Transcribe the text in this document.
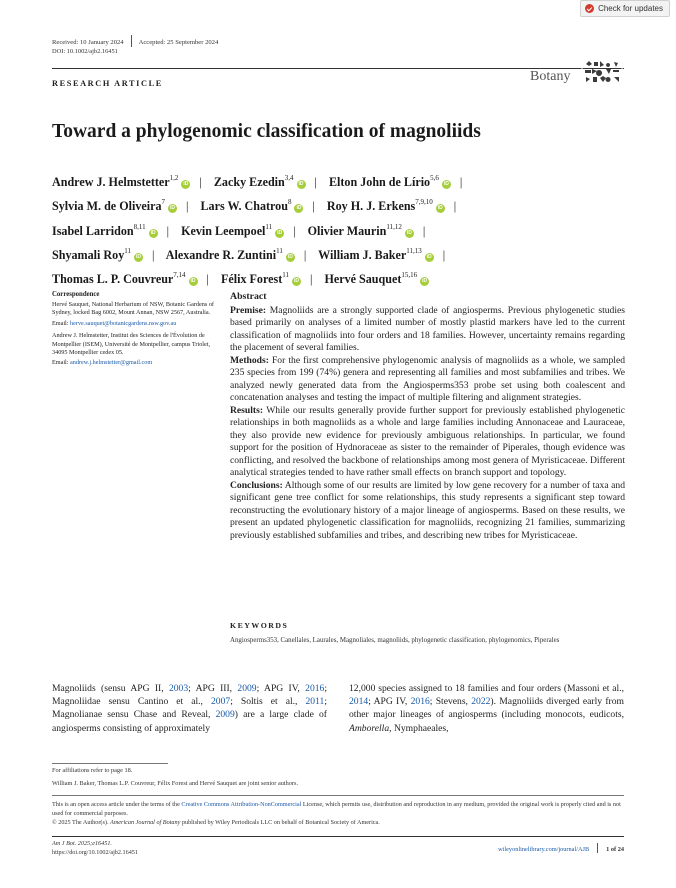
Check for updates
Received: 10 January 2024 Accepted: 25 September 2024
DOI: 10.1002/ajb2.16451
RESEARCH ARTICLE	Botany
Toward a phylogenomic classification of magnoliids
Andrew J. Helmstetter$^{1,2}$iD | Zacky Ezedin$^{3,4}$iD | Elton John de Lírio$^{5,6}$iD |
Sylvia M. de Oliveira$^7$iD | Lars W. Chatrou$^8$iD | Roy H. J. Erkens$^{7,9,10}$iD |
Isabel Larridon$^{8,11}$iD | Kevin Leempoel$^{11}$iD | Olivier Maurin$^{11,12}$iD |
Shyamali Roy$^{11}$iD | Alexandre R. Zuntini$^{11}$iD | William J. Baker$^{11,13}$iD |
Thomas L. P. Couvreur$^{7,14}$iD | Félix Forest$^{11}$iD | Hervé Sauquet$^{15,16}$iD
Correspondence

Hervé Sauquet, National Herbarium of NSW, Botanic Gardens of Sydney, locked Bag 6002, Mount Annan, NSW 2567, Australia.

Email: herve.sauquet@botanicgardens.nsw.gov.au

Andrew J. Helmstetter, Institut des Sciences de l'Évolution de Montpellier (ISEM), Université de Montpellier, campus Triolet, 34095 Montpellier cedex 05.

Email: andrew.j.helmstetter@gmail.com

Abstract

Premise: Magnoliids are a strongly supported clade of angiosperms. Previous phylogenetic studies based primarily on analyses of a limited number of mostly plastid markers have led to the current classification of magnoliids into four orders and 18 families. However, uncertainty remains regarding the placement of several families.

Methods: For the first comprehensive phylogenomic analysis of magnoliids as a whole, we sampled 235 species from 199 (74%) genera and representing all families and most subfamilies and tribes. We analyzed newly generated data from the Angiosperms353 probe set using both coalescent and concatenation analyses and testing the impact of multiple filtering and alignment strategies.

Results: While our results generally provide further support for previously established phylogenetic relationships in both magnoliids as a whole and large families including Annonaceae and Lauraceae, they also provide new evidence for previously ambiguous relationships. In particular, we found support for the position of Hydnoraceae as sister to the remainder of Piperales, though evidence was conflicting, and resolved the backbone of relationships among most genera of Myristicaceae. Different analytical strategies tended to have rather small effects on branch support and topology.

Conclusions: Although some of our results are limited by low gene recovery for a number of taxa and significant gene tree conflict for some relationships, this study represents a significant step toward reconstructing the evolutionary history of a major lineage of angiosperms. Based on these results, we present an updated phylogenetic classification for magnoliids, recognizing 21 families, summarizing previously established subfamilies and tribes, and describing new tribes for Myristicaceae.

KEYWORDS
Angiosperms353, Canellales, Laurales, Magnoliales, magnoliids, phylogenetic classification, phylogenomics, Piperales
Magnoliids (sensu APG II, 2003; APG III, 2009; APG IV, 2016; Magnoliidae sensu Cantino et al., 2007; Soltis et al., 2011; Magnolianae sensu Chase and Reveal, 2009) are a large clade of angiosperms consisting of approximately
12,000 species assigned to 18 families and four orders (Massoni et al., 2014; APG IV, 2016; Stevens, 2022). Magnoliids diverged early from other major lineages of angiosperms (including monocots, eudicots, Amborella, Nymphaeales,
For affiliations refer to page 18.
William J. Baker, Thomas L.P. Couvreur, Félix Forest and Hervé Sauquet are joint senior authors.
This is an open access article under the terms of the Creative Commons Attribution-NonCommercial License, which permits use, distribution and reproduction in any medium, provided the original work is properly cited and is not used for commercial purposes.
© 2025 The Author(s). American Journal of Botany published by Wiley Periodicals LLC on behalf of Botanical Society of America.
Am J Bot. 2025;e16451.
https://doi.org/10.1002/ajb2.16451	wileyonlinelibrary.com/journal/AJB	1 of 24
